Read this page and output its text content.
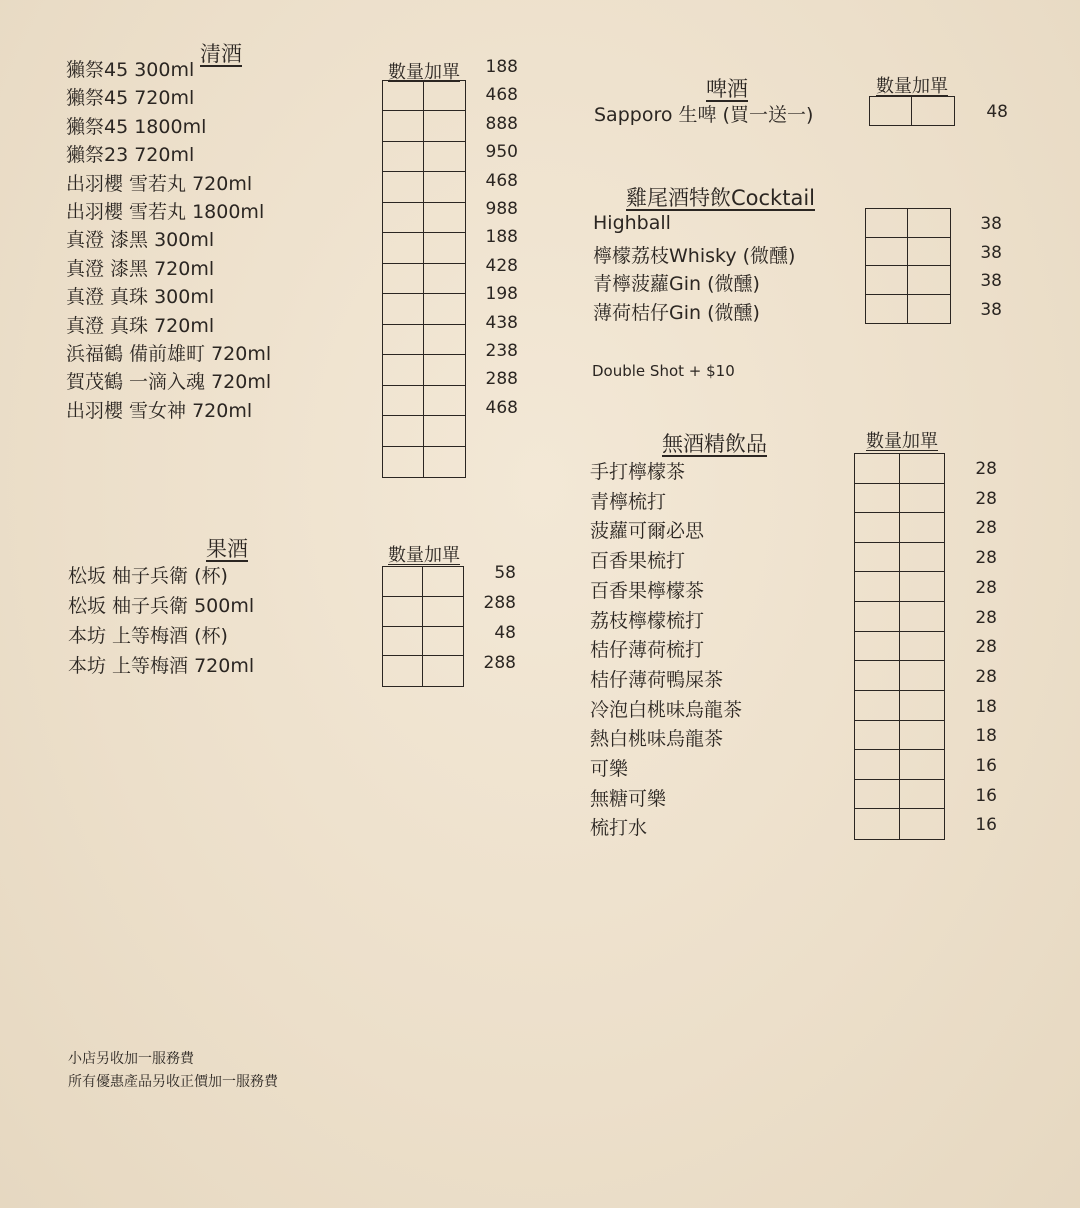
清酒
數量加單
獺祭45 300ml	188
獺祭45 720ml	468
獺祭45 1800ml	888
獺祭23 720ml	950
出羽櫻 雪若丸 720ml	468
出羽櫻 雪若丸 1800ml	988
真澄 漆黑 300ml	188
真澄 漆黑 720ml	428
真澄 真珠 300ml	198
真澄 真珠 720ml	438
浜福鶴 備前雄町 720ml	238
賀茂鶴 一滴入魂 720ml	288
出羽櫻 雪女神 720ml	468
果酒	數量加單
松坂 柚子兵衛 (杯)	58
松坂 柚子兵衛 500ml	288
本坊 上等梅酒 (杯)	48
本坊 上等梅酒 720ml	288
啤酒	數量加單
Sapporo 生啤 (買一送一)	48
雞尾酒特飲Cocktail
Highball	38
檸檬荔枝Whisky (微醺)	38
青檸菠蘿Gin (微醺)	38
薄荷桔仔Gin (微醺)	38
Double Shot + $10
無酒精飲品	數量加單
手打檸檬茶	28
青檸梳打	28
菠蘿可爾必思	28
百香果梳打	28
百香果檸檬茶	28
荔枝檸檬梳打	28
桔仔薄荷梳打	28
桔仔薄荷鴨屎茶	28
冷泡白桃味烏龍茶	18
熱白桃味烏龍茶	18
可樂	16
無糖可樂	16
梳打水	16
小店另收加一服務費
所有優惠產品另收正價加一服務費
